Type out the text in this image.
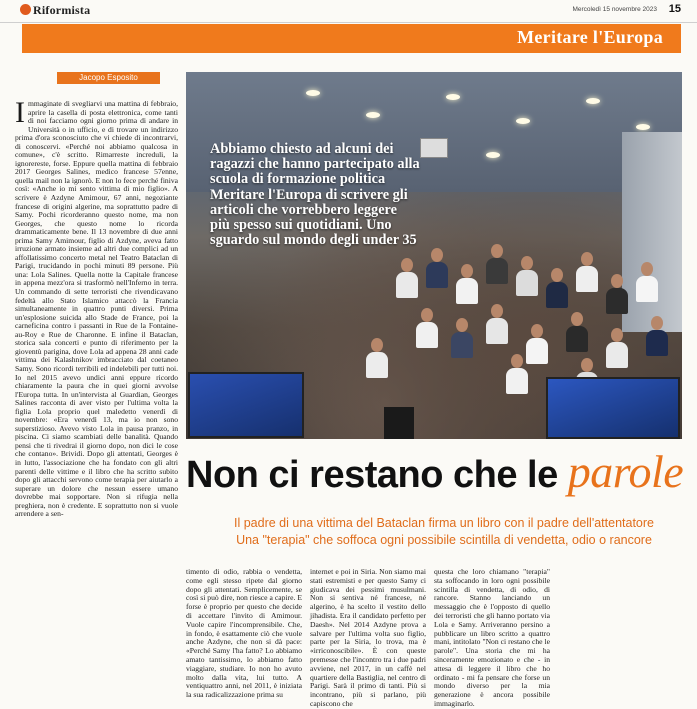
Riformista	Mercoledì 15 novembre 2023 15
Meritare l'Europa
Jacopo Esposito

Immaginate di svegliarvi una mattina di febbraio, aprire la casella di posta elettronica, come tanti di noi facciamo ogni giorno prima di andare in Università o in ufficio, e di trovare un indirizzo prima d'ora sconosciuto che vi chiede di incontrarvi, di conoscervi. «Perché noi abbiamo qualcosa in comune», c'è scritto. Rimarreste increduli, la ignorereste, forse. Eppure quella mattina di febbraio 2017 Georges Salines, medico francese 57enne, quella mail non la ignorò. E non lo fece perché finiva così: «Anche io mi sento vittima di mio figlio». A scrivere è Azdyne Amimour, 67 anni, negoziante francese di origini algerine, ma soprattutto padre di Samy. Pochi ricorderanno questo nome, ma non Georges, che questo nome lo ricorda drammaticamente bene. Il 13 novembre di due anni prima Samy Amimour, figlio di Azdyne, aveva fatto irruzione armato insieme ad altri due complici ad un affollatissimo concerto metal nel Teatro Bataclan di Parigi, trucidando in pochi minuti 89 persone. Più una: Lola Salines. Quella notte la Capitale francese in appena mezz'ora si trasformò nell'Inferno in terra. Un commando di sette terroristi che rivendicavano fedeltà allo Stato Islamico attaccò la Francia simultaneamente in quattro punti diversi. Prima un'esplosione suicida allo Stade de France, poi la carneficina contro i passanti in Rue de la Fontaine-au-Roy e Rue de Charonne. E infine il Bataclan, storica sala concerti e punto di riferimento per la gioventù parigina, dove Lola ad appena 28 anni cade vittima dei Kalashnikov imbracciato dal coetaneo Samy. Sono ricordi terribili ed indelebili per tutti noi. Io nel 2015 avevo undici anni eppure ricordo chiaramente la paura che in quei giorni avvolse l'Europa tutta. In un'intervista al Guardian, Georges Salines racconta di aver visto per l'ultima volta la figlia Lola proprio quel maledetto venerdì di novembre: «Era venerdì 13, ma io non sono superstizioso. Avevo visto Lola in pausa pranzo, in piscina. Ci siamo scambiati delle banalità. Quando pensi che ti rivedrai il giorno dopo, non dici le cose che contano». Brividi. Dopo gli attentati, Georges è in lutto, l'associazione che ha fondato con gli altri parenti delle vittime e il libro che ha scritto subito dopo gli attacchi servono come terapia per aiutarlo a superare un dolore che nessun essere umano dovrebbe mai sopportare. Non si rifugia nella preghiera, non è credente. E soprattutto non si vuole arrendere a sen-

Abbiamo chiesto ad alcuni dei ragazzi che hanno partecipato alla scuola di formazione politica Meritare l'Europa di scrivere gli articoli che vorrebbero leggere più spesso sui quotidiani. Uno sguardo sul mondo degli under 35

Non ci restano che le parole
Il padre di una vittima del Bataclan firma un libro con il padre dell'attentatore
Una "terapia" che soffoca ogni possibile scintilla di vendetta, odio o rancore

timento di odio, rabbia o vendetta, come egli stesso ripete dal giorno dopo gli attentati. Semplicemente, se così si può dire, non riesce a capire. E forse è proprio per questo che decide di accettare l'invito di Amimour. Vuole capire l'incomprensibile. Che, in fondo, è esattamente ciò che vuole anche Azdyne, che non si dà pace: «Perché Samy l'ha fatto? Lo abbiamo amato tantissimo, lo abbiamo fatto viaggiare, studiare. Io non ho avuto molto dalla vita, lui tutto. A ventiquattro anni, nel 2011, è iniziata la sua radicalizzazione prima su

internet e poi in Siria. Non siamo mai stati estremisti e per questo Samy ci giudicava dei pessimi musulmani. Non si sentiva né francese, né algerino, è ha scelto il vestito dello jihadista. Era il candidato perfetto per Daesh». Nel 2014 Azdyne prova a salvare per l'ultima volta suo figlio, parte per la Siria, lo trova, ma è «irriconoscibile». È con queste premesse che l'incontro tra i due padri avviene, nel 2017, in un caffè nel quartiere della Bastiglia, nel centro di Parigi. Sarà il primo di tanti. Più si incontrano, più si parlano, più capiscono che

questa che loro chiamano "terapia" sta soffocando in loro ogni possibile scintilla di vendetta, di odio, di rancore. Stanno lanciando un messaggio che è l'opposto di quello dei terroristi che gli hanno portato via Lola e Samy. Arriveranno persino a pubblicare un libro scritto a quattro mani, intitolato "Non ci restano che le parole". Una storia che mi ha sinceramente emozionato e che - in attesa di leggere il libro che ho ordinato - mi fa pensare che forse un mondo diverso per la mia generazione è ancora possibile immaginarlo.
